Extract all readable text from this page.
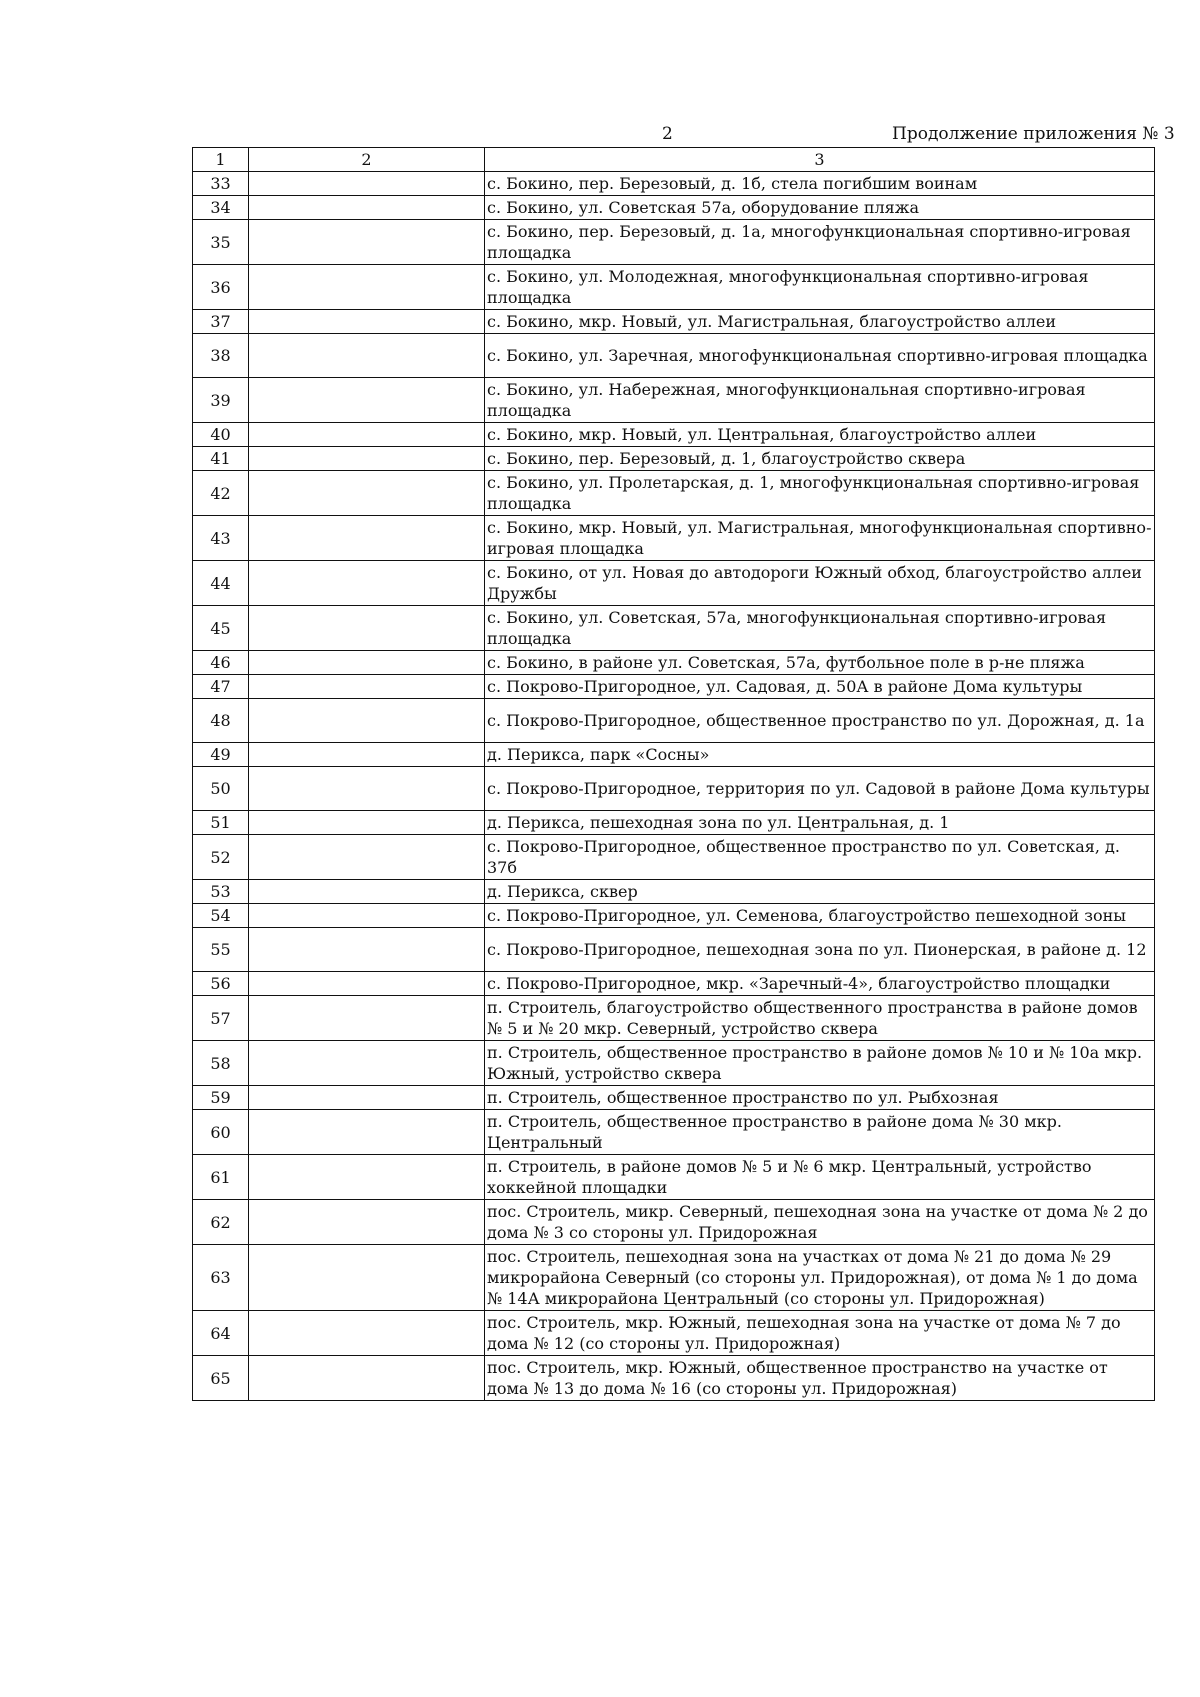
2	Продолжение приложения № 3
1	2	3
33		с. Бокино, пер. Березовый, д. 1б, стела погибшим воинам
34		с. Бокино, ул. Советская 57а, оборудование пляжа
35		с. Бокино, пер. Березовый, д. 1а, многофункциональная спортивно-игровая площадка
36		с. Бокино, ул. Молодежная, многофункциональная спортивно-игровая площадка
37		с. Бокино, мкр. Новый, ул. Магистральная, благоустройство аллеи
38		с. Бокино, ул. Заречная, многофункциональная спортивно-игровая площадка
39		с. Бокино, ул. Набережная, многофункциональная спортивно-игровая площадка
40		с. Бокино, мкр. Новый, ул. Центральная, благоустройство аллеи
41		с. Бокино, пер. Березовый, д. 1, благоустройство сквера
42		с. Бокино, ул. Пролетарская, д. 1, многофункциональная спортивно-игровая площадка
43		с. Бокино, мкр. Новый, ул. Магистральная, многофункциональная спортивно-игровая площадка
44		с. Бокино, от ул. Новая до автодороги Южный обход, благоустройство аллеи Дружбы
45		с. Бокино, ул. Советская, 57а, многофункциональная спортивно-игровая площадка
46		с. Бокино, в районе ул. Советская, 57а, футбольное поле в р-не пляжа
47		с. Покрово-Пригородное, ул. Садовая, д. 50А в районе Дома культуры
48		с. Покрово-Пригородное, общественное пространство по ул. Дорожная, д. 1а
49		д. Перикса, парк «Сосны»
50		с. Покрово-Пригородное, территория по ул. Садовой в районе Дома культуры
51		д. Перикса, пешеходная зона по ул. Центральная, д. 1
52		с. Покрово-Пригородное, общественное пространство по ул. Советская, д. 37б
53		д. Перикса, сквер
54		с. Покрово-Пригородное, ул. Семенова, благоустройство пешеходной зоны
55		с. Покрово-Пригородное, пешеходная зона по ул. Пионерская, в районе д. 12
56		с. Покрово-Пригородное, мкр. «Заречный-4», благоустройство площадки
57		п. Строитель, благоустройство общественного пространства в районе домов № 5 и № 20 мкр. Северный, устройство сквера
58		п. Строитель, общественное пространство в районе домов № 10 и № 10а мкр. Южный, устройство сквера
59		п. Строитель, общественное пространство по ул. Рыбхозная
60		п. Строитель, общественное пространство в районе дома № 30 мкр. Центральный
61		п. Строитель, в районе домов № 5 и № 6 мкр. Центральный, устройство хоккейной площадки
62		пос. Строитель, микр. Северный, пешеходная зона на участке от дома № 2 до дома № 3 со стороны ул. Придорожная
63		пос. Строитель, пешеходная зона на участках от дома № 21 до дома № 29 микрорайона Северный (со стороны ул. Придорожная), от дома № 1 до дома № 14А микрорайона Центральный (со стороны ул. Придорожная)
64		пос. Строитель, мкр. Южный, пешеходная зона на участке от дома № 7 до дома № 12 (со стороны ул. Придорожная)
65		пос. Строитель, мкр. Южный, общественное пространство на участке от дома № 13 до дома № 16 (со стороны ул. Придорожная)
